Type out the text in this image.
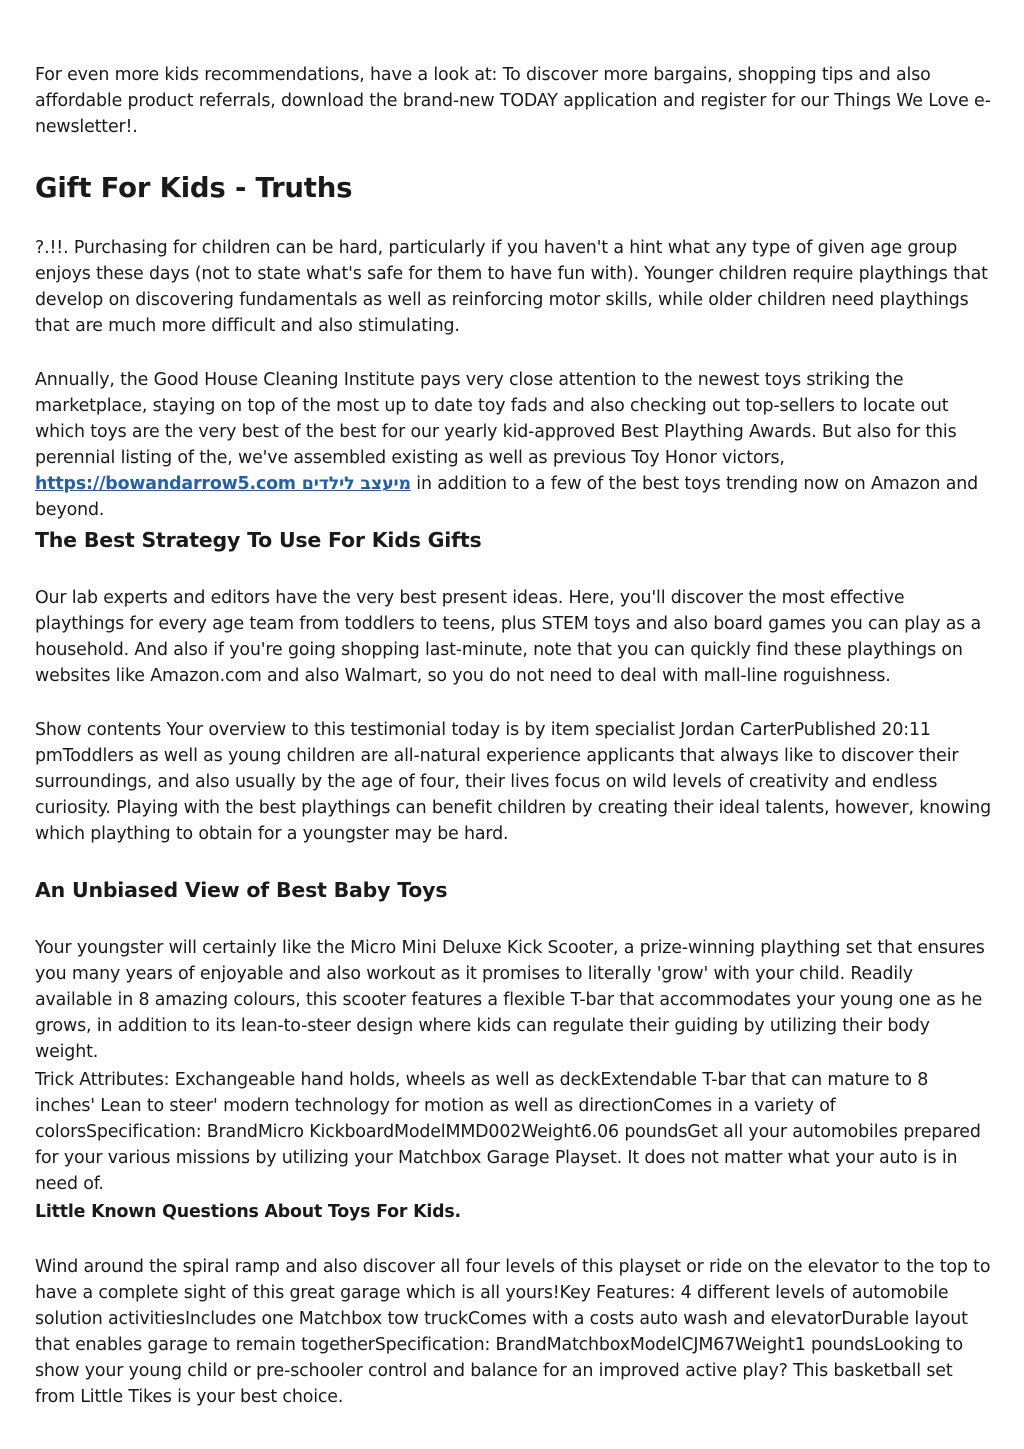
For even more kids recommendations, have a look at: To discover more bargains, shopping tips and also affordable product referrals, download the brand-new TODAY application and register for our Things We Love e-newsletter!.

Gift For Kids - Truths

?.!!. Purchasing for children can be hard, particularly if you haven't a hint what any type of given age group enjoys these days (not to state what's safe for them to have fun with). Younger children require playthings that develop on discovering fundamentals as well as reinforcing motor skills, while older children need playthings that are much more difficult and also stimulating.

Annually, the Good House Cleaning Institute pays very close attention to the newest toys striking the marketplace, staying on top of the most up to date toy fads and also checking out top-sellers to locate out which toys are the very best of the best for our yearly kid-approved Best Plaything Awards. But also for this perennial listing of the, we've assembled existing as well as previous Toy Honor victors, https://bowandarrow5.com מיעצב לילדים in addition to a few of the best toys trending now on Amazon and beyond.

The Best Strategy To Use For Kids Gifts

Our lab experts and editors have the very best present ideas. Here, you'll discover the most effective playthings for every age team from toddlers to teens, plus STEM toys and also board games you can play as a household. And also if you're going shopping last-minute, note that you can quickly find these playthings on websites like Amazon.com and also Walmart, so you do not need to deal with mall-line roguishness.

Show contents Your overview to this testimonial today is by item specialist Jordan CarterPublished 20:11 pmToddlers as well as young children are all-natural experience applicants that always like to discover their surroundings, and also usually by the age of four, their lives focus on wild levels of creativity and endless curiosity. Playing with the best playthings can benefit children by creating their ideal talents, however, knowing which plaything to obtain for a youngster may be hard.

An Unbiased View of Best Baby Toys

Your youngster will certainly like the Micro Mini Deluxe Kick Scooter, a prize-winning plaything set that ensures you many years of enjoyable and also workout as it promises to literally 'grow' with your child. Readily available in 8 amazing colours, this scooter features a flexible T-bar that accommodates your young one as he grows, in addition to its lean-to-steer design where kids can regulate their guiding by utilizing their body weight.

Trick Attributes: Exchangeable hand holds, wheels as well as deckExtendable T-bar that can mature to 8 inches' Lean to steer' modern technology for motion as well as directionComes in a variety of colorsSpecification: BrandMicro KickboardModelMMD002Weight6.06 poundsGet all your automobiles prepared for your various missions by utilizing your Matchbox Garage Playset. It does not matter what your auto is in need of.

Little Known Questions About Toys For Kids.

Wind around the spiral ramp and also discover all four levels of this playset or ride on the elevator to the top to have a complete sight of this great garage which is all yours!Key Features: 4 different levels of automobile solution activitiesIncludes one Matchbox tow truckComes with a costs auto wash and elevatorDurable layout that enables garage to remain togetherSpecification: BrandMatchboxModelCJM67Weight1 poundsLooking to show your young child or pre-schooler control and balance for an improved active play? This basketball set from Little Tikes is your best choice.
